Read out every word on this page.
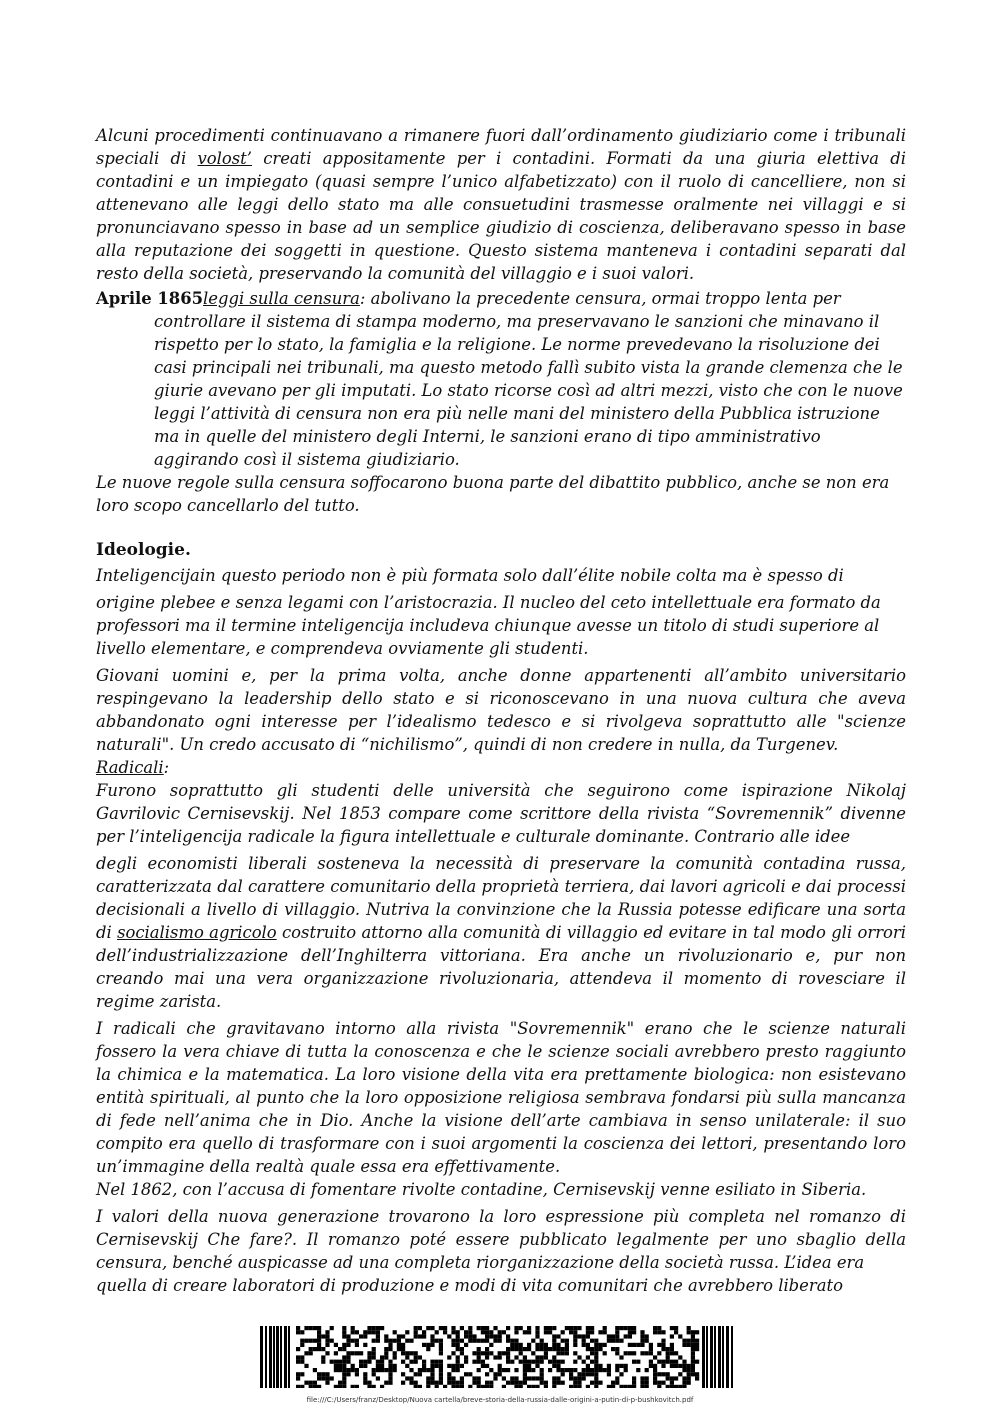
Alcuni procedimenti continuavano a rimanere fuori dall’ordinamento giudiziario come i tribunali speciali di volost’ creati appositamente per i contadini. Formati da una giuria elettiva di contadini e un impiegato (quasi sempre l’unico alfabetizzato) con il ruolo di cancelliere, non si attenevano alle leggi dello stato ma alle consuetudini trasmesse oralmente nei villaggi e si pronunciavano spesso in base ad un semplice giudizio di coscienza, deliberavano spesso in base alla reputazione dei soggetti in questione. Questo sistema manteneva i contadini separati dal resto della società, preservando la comunità del villaggio e i suoi valori.

Aprile 1865leggi sulla censura: abolivano la precedente censura, ormai troppo lenta per

controllare il sistema di stampa moderno, ma preservavano le sanzioni che minavano il rispetto per lo stato, la famiglia e la religione. Le norme prevedevano la risoluzione dei casi principali nei tribunali, ma questo metodo fallì subito vista la grande clemenza che le giurie avevano per gli imputati. Lo stato ricorse così ad altri mezzi, visto che con le nuove leggi l’attività di censura non era più nelle mani del ministero della Pubblica istruzione ma in quelle del ministero degli Interni, le sanzioni erano di tipo amministrativo aggirando così il sistema giudiziario.

Le nuove regole sulla censura soffocarono buona parte del dibattito pubblico, anche se non era loro scopo cancellarlo del tutto.

Ideologie.

Inteligencijain questo periodo non è più formata solo dall’élite nobile colta ma è spesso di

origine plebee e senza legami con l’aristocrazia. Il nucleo del ceto intellettuale era formato da professori ma il termine inteligencija includeva chiunque avesse un titolo di studi superiore al livello elementare, e comprendeva ovviamente gli studenti.

Giovani uomini e, per la prima volta, anche donne appartenenti all’ambito universitario respingevano la leadership dello stato e si riconoscevano in una nuova cultura che aveva abbandonato ogni interesse per l’idealismo tedesco e si rivolgeva soprattutto alle "scienze naturali". Un credo accusato di “nichilismo”, quindi di non credere in nulla, da Turgenev.

Radicali:

Furono soprattutto gli studenti delle università che seguirono come ispirazione Nikolaj Gavrilovic Cernisevskij. Nel 1853 compare come scrittore della rivista “Sovremennik” divenne per l’inteligencija radicale la figura intellettuale e culturale dominante. Contrario alle idee

degli economisti liberali sosteneva la necessità di preservare la comunità contadina russa, caratterizzata dal carattere comunitario della proprietà terriera, dai lavori agricoli e dai processi decisionali a livello di villaggio. Nutriva la convinzione che la Russia potesse edificare una sorta di socialismo agricolo costruito attorno alla comunità di villaggio ed evitare in tal modo gli orrori dell’industrializzazione dell’Inghilterra vittoriana. Era anche un rivoluzionario e, pur non creando mai una vera organizzazione rivoluzionaria, attendeva il momento di rovesciare il regime zarista.

I radicali che gravitavano intorno alla rivista "Sovremennik" erano che le scienze naturali fossero la vera chiave di tutta la conoscenza e che le scienze sociali avrebbero presto raggiunto la chimica e la matematica. La loro visione della vita era prettamente biologica: non esistevano entità spirituali, al punto che la loro opposizione religiosa sembrava fondarsi più sulla mancanza di fede nell’anima che in Dio. Anche la visione dell’arte cambiava in senso unilaterale: il suo compito era quello di trasformare con i suoi argomenti la coscienza dei lettori, presentando loro un’immagine della realtà quale essa era effettivamente.

Nel 1862, con l’accusa di fomentare rivolte contadine, Cernisevskij venne esiliato in Siberia.

I valori della nuova generazione trovarono la loro espressione più completa nel romanzo di Cernisevskij Che fare?. Il romanzo poté essere pubblicato legalmente per uno sbaglio della censura, benché auspicasse ad una completa riorganizzazione della società russa. L’idea era

quella di creare laboratori di produzione e modi di vita comunitari che avrebbero liberato

file:///C:/Users/franz/Desktop/Nuova cartella/breve-storia-della-russia-dalle-origini-a-putin-di-p-bushkovitch.pdf
